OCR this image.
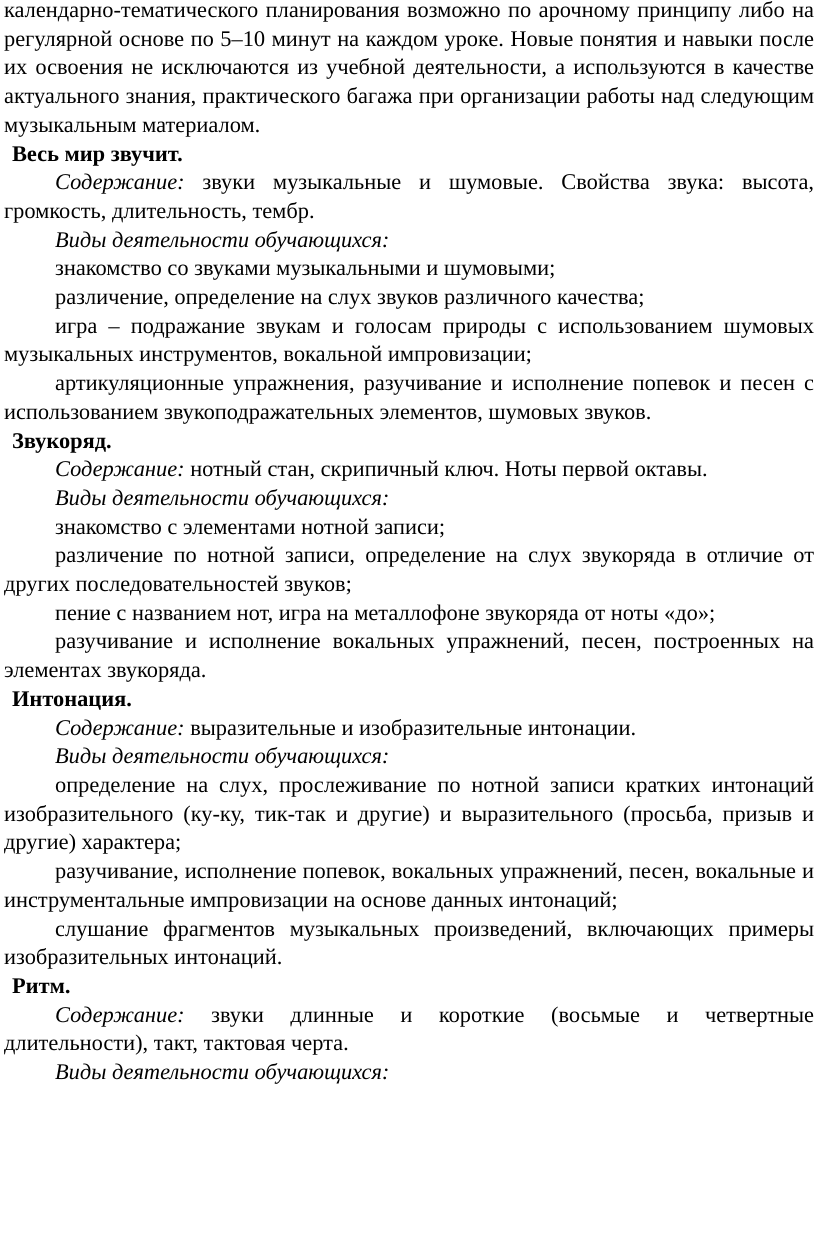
календарно-тематического планирования возможно по арочному принципу либо на регулярной основе по 5–10 минут на каждом уроке. Новые понятия и навыки после их освоения не исключаются из учебной деятельности, а используются в качестве актуального знания, практического багажа при организации работы над следующим музыкальным материалом.

Весь мир звучит.

Содержание: звуки музыкальные и шумовые. Свойства звука: высота, громкость, длительность, тембр.

Виды деятельности обучающихся:

знакомство со звуками музыкальными и шумовыми;

различение, определение на слух звуков различного качества;

игра – подражание звукам и голосам природы с использованием шумовых музыкальных инструментов, вокальной импровизации;

артикуляционные упражнения, разучивание и исполнение попевок и песен с использованием звукоподражательных элементов, шумовых звуков.

Звукоряд.

Содержание: нотный стан, скрипичный ключ. Ноты первой октавы.

Виды деятельности обучающихся:

знакомство с элементами нотной записи;

различение по нотной записи, определение на слух звукоряда в отличие от других последовательностей звуков;

пение с названием нот, игра на металлофоне звукоряда от ноты «до»;

разучивание и исполнение вокальных упражнений, песен, построенных на элементах звукоряда.

Интонация.

Содержание: выразительные и изобразительные интонации.

Виды деятельности обучающихся:

определение на слух, прослеживание по нотной записи кратких интонаций изобразительного (ку-ку, тик-так и другие) и выразительного (просьба, призыв и другие) характера;

разучивание, исполнение попевок, вокальных упражнений, песен, вокальные и инструментальные импровизации на основе данных интонаций;

слушание фрагментов музыкальных произведений, включающих примеры изобразительных интонаций.

Ритм.

Содержание: звуки длинные и короткие (восьмые и четвертные длительности), такт, тактовая черта.

Виды деятельности обучающихся:
